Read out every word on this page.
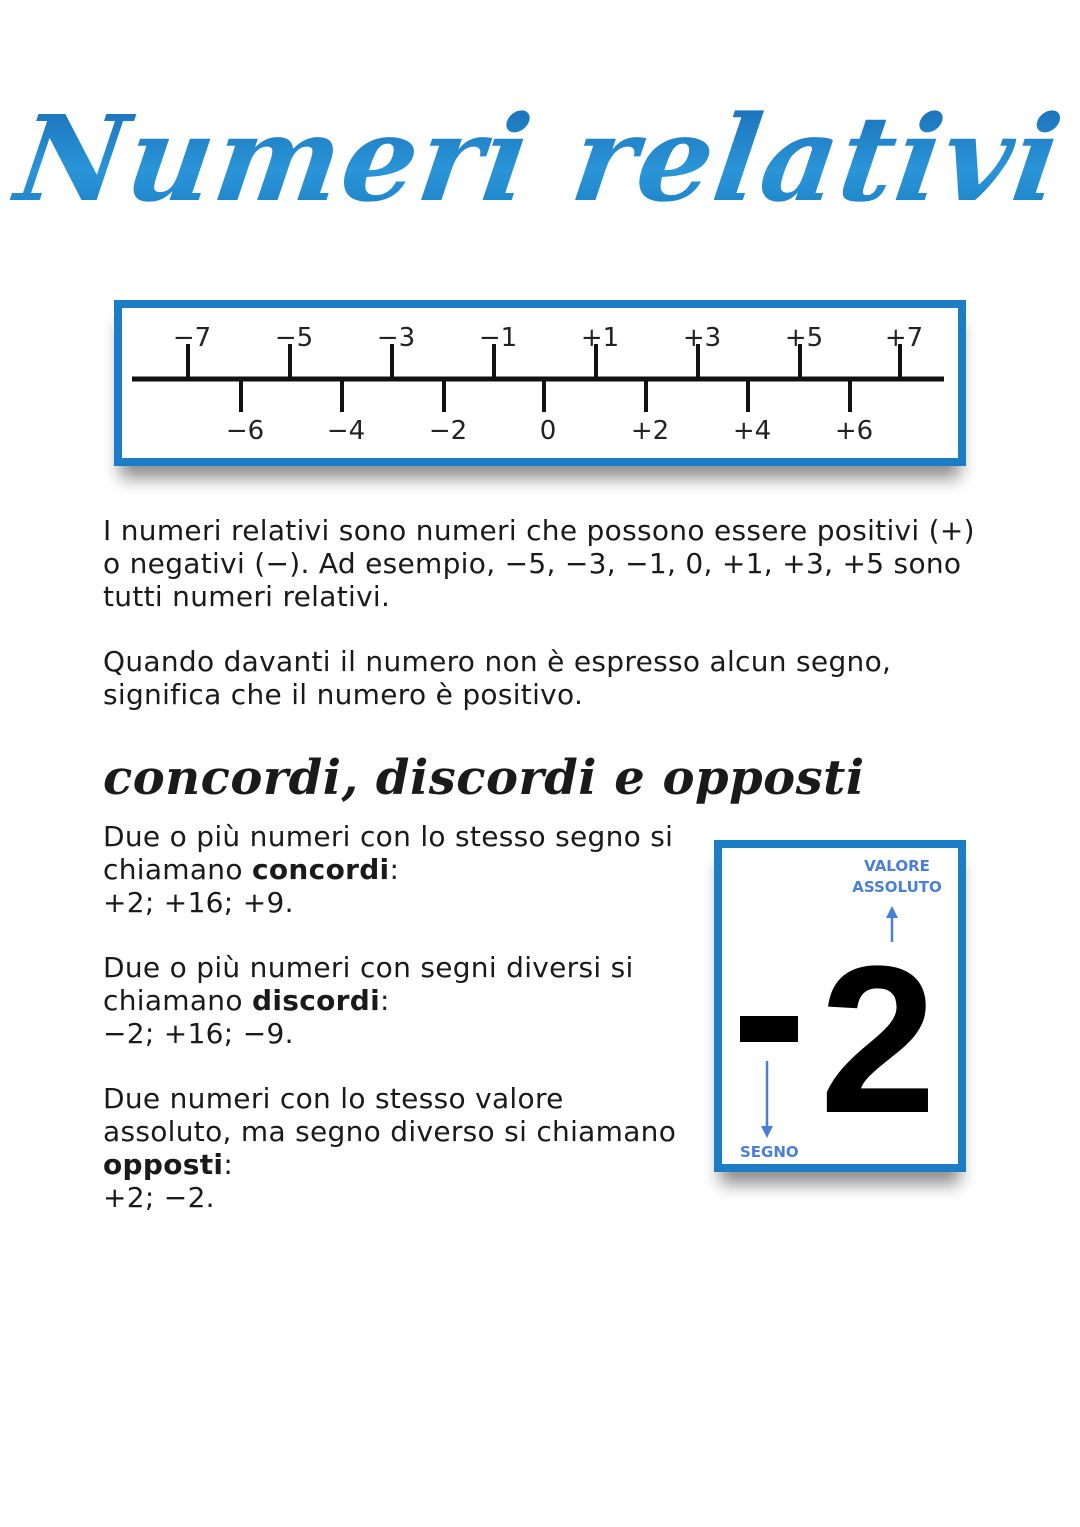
Numeri relativi
−7 −5 −3 −1 +1 +3 +5 +7
−6 −4 −2	0	+2 +4 +6

I numeri relativi sono numeri che possono essere positivi (+) o negativi (−). Ad esempio, −5, −3, −1, 0, +1, +3, +5 sono tutti numeri relativi.

Quando davanti il numero non è espresso alcun segno, significa che il numero è positivo.

concordi, discordi e opposti

Due o più numeri con lo stesso segno si chiamano concordi:
+2; +16; +9.

Due o più numeri con segni diversi si chiamano discordi:
−2; +16; −9.

Due numeri con lo stesso valore assoluto, ma segno diverso si chiamano opposti:
+2; −2.

2
VALORE
ASSOLUTO
SEGNO
